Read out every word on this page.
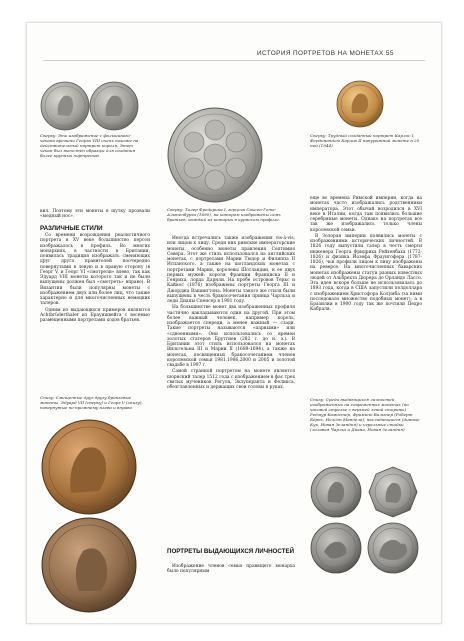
ИСТОРИЯ ПОРТРЕТОВ НА МОНЕТАХ 55
Сверху: Это изображение с фальшивого-чекана времени Георга VIII очень похоже на действительный портрет короля. Этот чекан был выполнен образцы для создания более крупных портретов
Сверху: Талер Фредерика I, герцога Саксен-Гота-Альтенбурга (1690), на котором изображены семь братьев, каждый из которых в курносом профиле.
Сверху: Трудный созданный портрет Карлос I, Фердинандом Карлов II напуражной монете в 20 ней (1944)

вил. Поэтому эти монеты в шутку прозвали «медный нос».

РАЗЛИЧНЫЕ СТИЛИ

Со времени возрождения реалистичного портрета в XV веке большинство персон изображалось в профиль. Во многих монархиях, в частности в Британии, появилась традиция изображать сменяющих друг друга правителей поочередно повернутыми в левую и в правую сторону (в Георг V, и Георг VI «смотрели» влево, так как Эдуард VIII монеты которого так и не были выпущены должен был «смотреть» вправо). В Византии были популярны монеты с изображением двух или более лиц, что также характерно и для многочисленных немецких талеров.

Одним из выдающихся примеров являются Achtbrüderthaler из Брауншвейга с восемью размещенными портретами ходов братьев.

Снизу: Смещенные друг другу бронзовые монеты, Эдуард VII (сверху) и Георг V (снизу), повернутые по-прежнему влево и вправо

Иногда встречались также изображения vis-à-vis, или лицом к лицу. Среди них римские императорские монеты, особенно монеты правления Септимия Севера. Этот же стиль использовался на английских монетах, с портретами Марии Тюдор и Филиппа II Испанского, а также на шотландских монетах с портретами Марии, королевы Шотландии, и ее двух первых мужей: короля Франции Франциска II и Генриха, лорда Дарнли. На пробе островов Теркс и Кайкос (1976) изображены портреты Георга III и Джорджа Вашингтона. Монеты такого же стиля были выпущены в честь бракосочетания принца Чарльза и леди Дианы Спенсер в 1981 году.

На большинстве монет два изображенных профиля частично накладываются один на другой. При этом более важный человек, например король, изображается спереди, а менее важный — сзади. Такие портреты называются «парными» или «сдвоенными». Они использовались со времен золотых статеров Брутгиев (282 г. до н. э.). В Британии этот стиль использовался на монетах Вильгельма III и Марии II (1689-1694), а также на монетах, посвященных бракосочетанием членов королевской семьи 1981,1986,2000 и 2005 и золотой свадьбе в 1997 г.

Самой странной портретом на монете является шорнский талер 1512 года с изображением в фас трех святых мучеников Регула, Экзуперанта и Феликса, обезглавленных и держащих свои головы в руках.

ПОРТРЕТЫ ВЫДАЮЩИХСЯ ЛИЧНОСТЕЙ

Изображение членов семьи правящего монарха было популярным

еще во времена Римской империи, когда на монетах часто изображались родственники императора. Этот обычай возродился в XVI веке в Италии, когда там появились большие серебряные монеты. Однако на портретах все так же изображались только члены королевской семьи.

В Золорая империи появились монеты с изображениями исторических личностей. В 1826 году выпустили талер в честь смерти инженера Георга Фридриха Рейхенбаха (1772-1826) и физика Йозефа Фраунгофера (1787-1826), чьи профили лицом к лицу изображены на реверсе. На многочисленных баварских монетах изображены статуи разных известных людей от Альбрехта Дюрера до Орландо Лассо. Эта идея вскоре больше не использовалась до 1893 года, когда в США запустили полдоллара с изображением Христофора Колумба (за ними последовало множество подобных монет), а в Бразилии в 1900 году так же почтили Педро Кабраля.

Снизу: Среди выдающихся личностей, изображенных на современных монетах (по часовой стрелке с верхней левой стороны) Редмур Бамостер, Фримино Вальтер (Роберт Бёрнс, Нелсон Мандела), насладившиеся (дивные Кук, Новая Зеландия) и игральные стойки (лиловая Чарльз и Диана, Новая Зеландия)
